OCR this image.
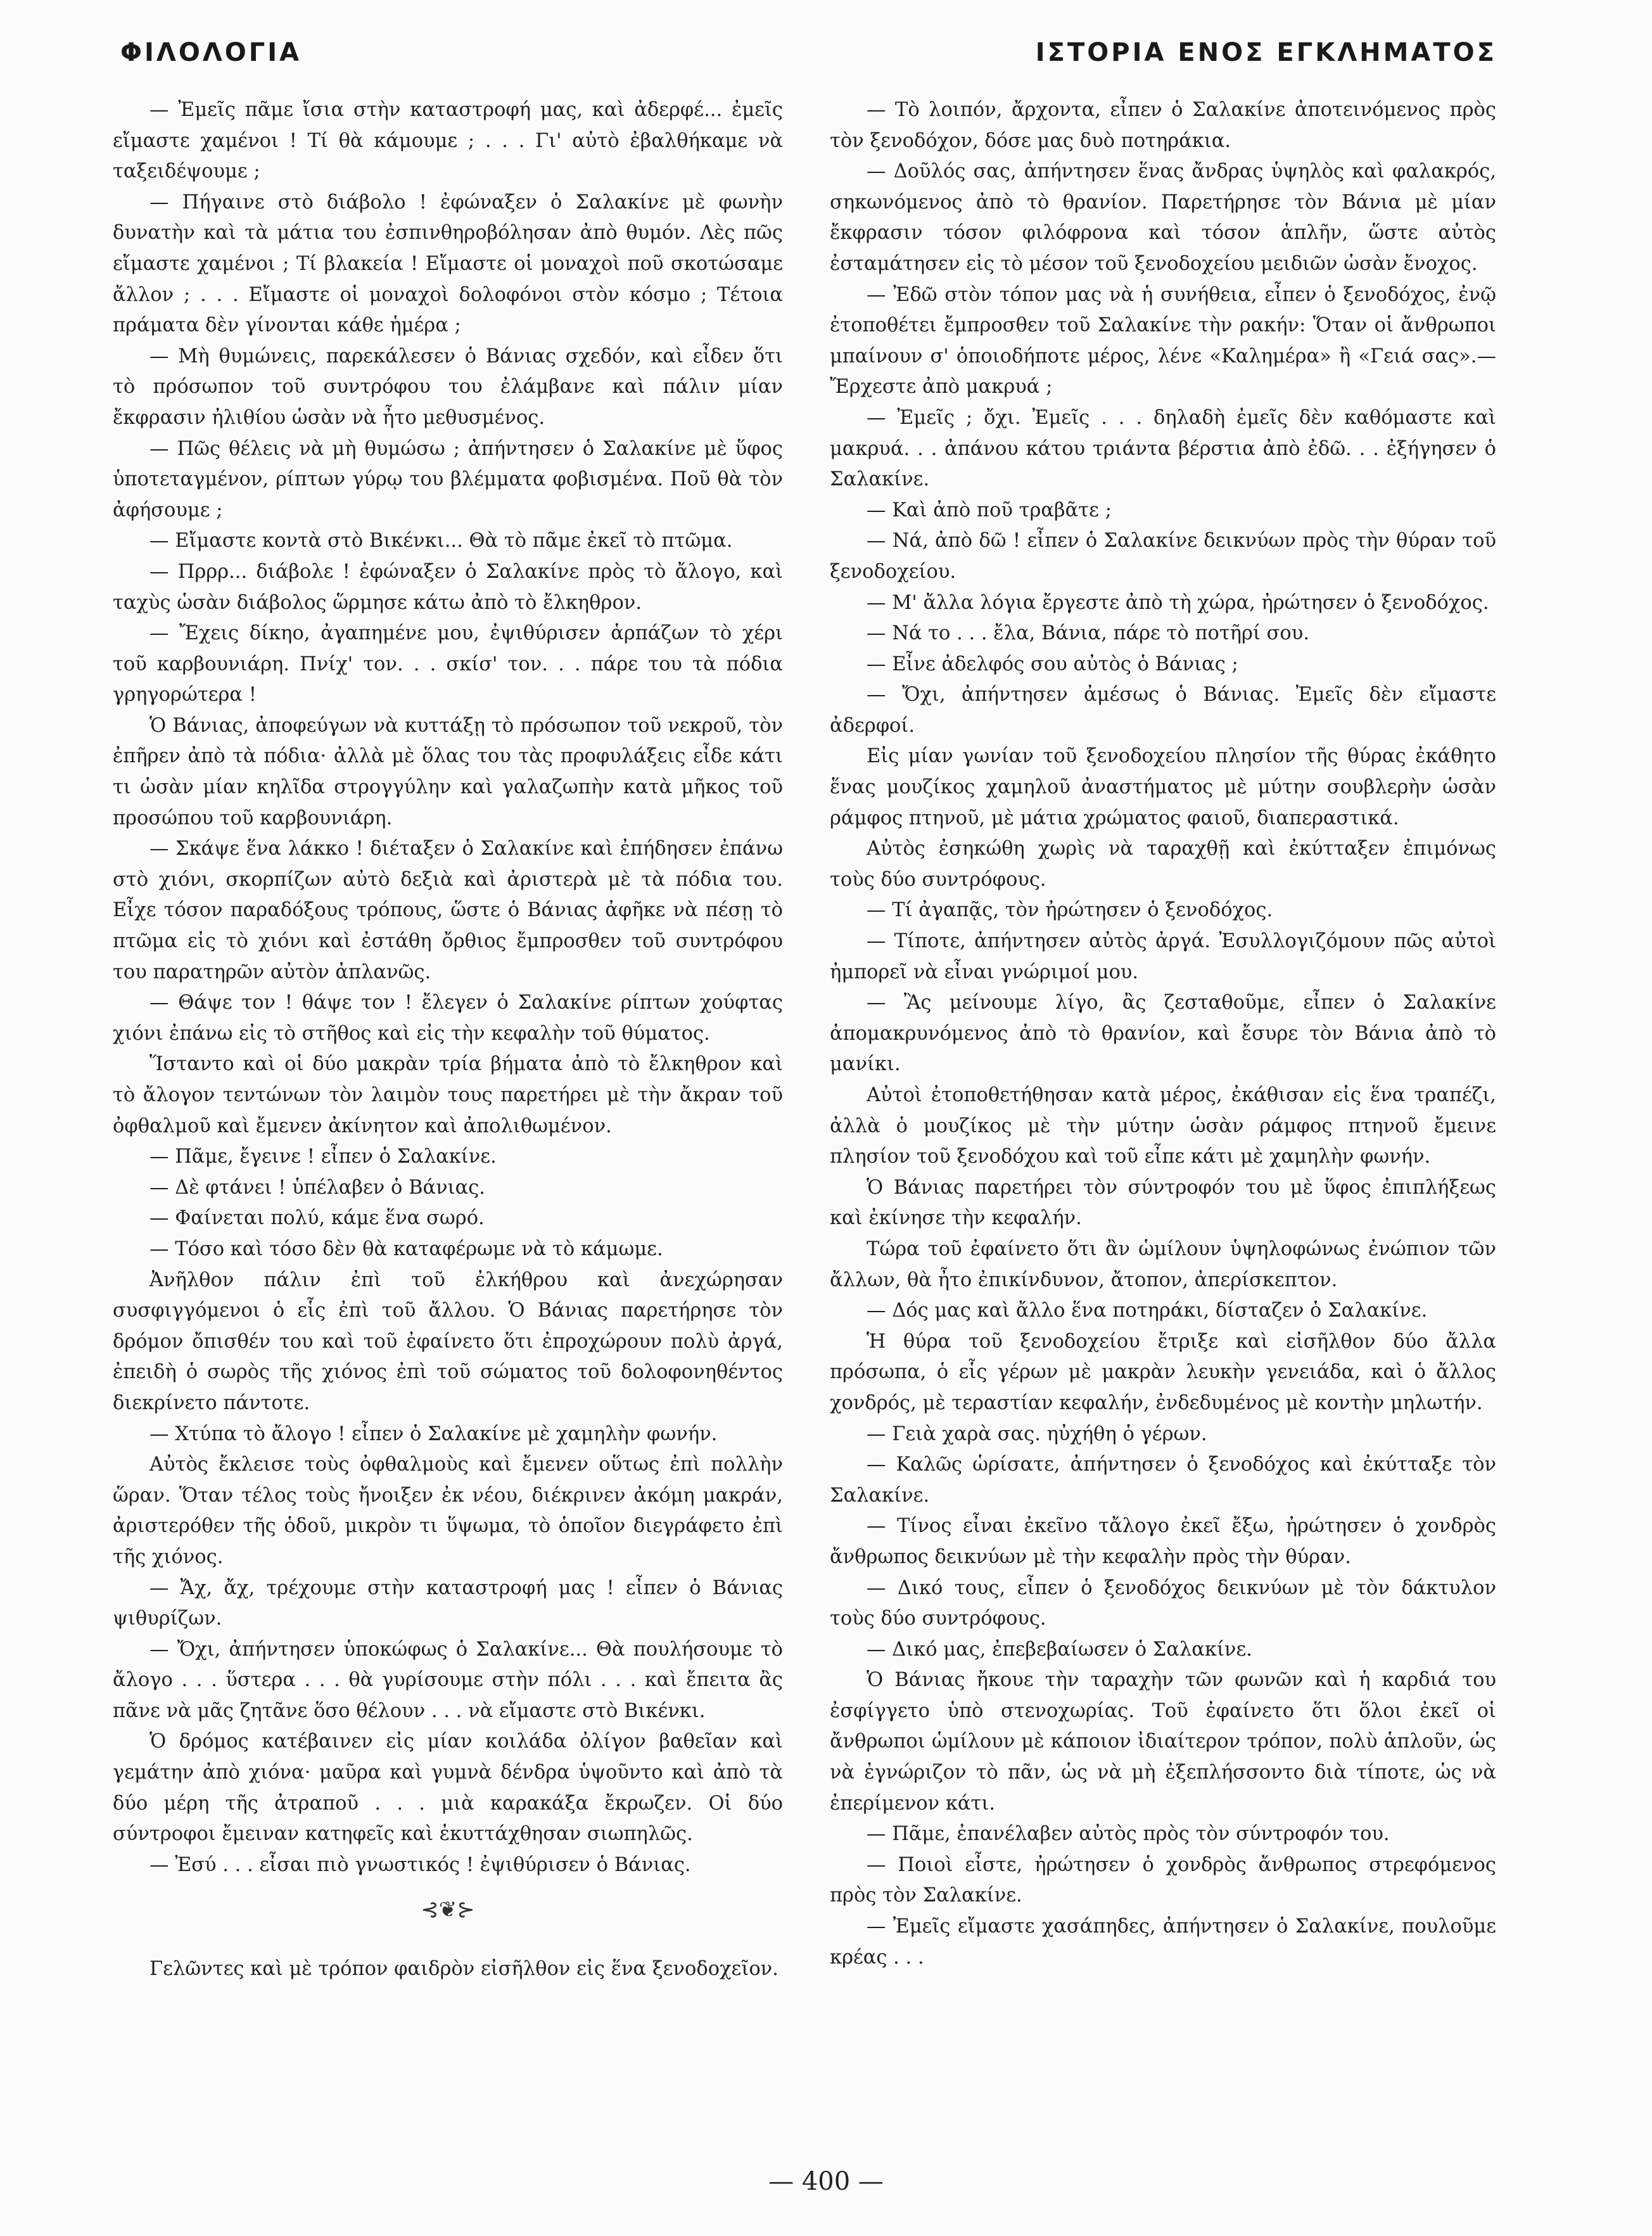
ΦΙΛΟΛΟΓΙΑ	ΙΣΤΟΡΙΑ ΕΝΟΣ ΕΓΚΛΗΜΑΤΟΣ

— Ἐμεῖς πᾶμε ἴσια στὴν καταστροφή μας, καὶ ἀδερφέ... ἐμεῖς εἴμαστε χαμένοι ! Τί θὰ κάμουμε ; . . . Γι' αὐτὸ ἐβαλθήκαμε νὰ ταξειδέψουμε ;

— Πήγαινε στὸ διάβολο ! ἐφώναξεν ὁ Σαλακίνε μὲ φωνὴν δυνατὴν καὶ τὰ μάτια του ἐσπινθηροβόλησαν ἀπὸ θυμόν. Λὲς πῶς εἴμαστε χαμένοι ; Τί βλακεία ! Εἴμαστε οἱ μοναχοὶ ποῦ σκοτώσαμε ἄλλον ; . . . Εἴμαστε οἱ μοναχοὶ δολοφόνοι στὸν κόσμο ; Τέτοια πράματα δὲν γίνονται κάθε ἡμέρα ;

— Μὴ θυμώνεις, παρεκάλεσεν ὁ Βάνιας σχεδόν, καὶ εἶδεν ὅτι τὸ πρόσωπον τοῦ συντρόφου του ἐλάμβανε καὶ πάλιν μίαν ἔκφρασιν ἠλιθίου ὡσὰν νὰ ἦτο μεθυσμένος.

— Πῶς θέλεις νὰ μὴ θυμώσω ; ἀπήντησεν ὁ Σαλακίνε μὲ ὕφος ὑποτεταγμένον, ρίπτων γύρῳ του βλέμματα φοβισμένα. Ποῦ θὰ τὸν ἀφήσουμε ;

— Εἴμαστε κοντὰ στὸ Βικένκι... Θὰ τὸ πᾶμε ἐκεῖ τὸ πτῶμα.

— Πρρρ... διάβολε ! ἐφώναξεν ὁ Σαλακίνε πρὸς τὸ ἄλογο, καὶ ταχὺς ὡσὰν διάβολος ὥρμησε κάτω ἀπὸ τὸ ἔλκηθρον.

— Ἔχεις δίκηο, ἀγαπημένε μου, ἐψιθύρισεν ἁρπάζων τὸ χέρι τοῦ καρβουνιάρη. Πνίχ' τον. . . σκίσ' τον. . . πάρε του τὰ πόδια γρηγορώτερα !

Ὁ Βάνιας, ἀποφεύγων νὰ κυττάξῃ τὸ πρόσωπον τοῦ νεκροῦ, τὸν ἐπῆρεν ἀπὸ τὰ πόδια· ἀλλὰ μὲ ὅλας του τὰς προφυλάξεις εἶδε κάτι τι ὡσὰν μίαν κηλῖδα στρογγύλην καὶ γαλαζωπὴν κατὰ μῆκος τοῦ προσώπου τοῦ καρβουνιάρη.

— Σκάψε ἕνα λάκκο ! διέταξεν ὁ Σαλακίνε καὶ ἐπήδησεν ἐπάνω στὸ χιόνι, σκορπίζων αὐτὸ δεξιὰ καὶ ἀριστερὰ μὲ τὰ πόδια του. Εἶχε τόσον παραδόξους τρόπους, ὥστε ὁ Βάνιας ἀφῆκε νὰ πέσῃ τὸ πτῶμα εἰς τὸ χιόνι καὶ ἐστάθη ὄρθιος ἔμπροσθεν τοῦ συντρόφου του παρατηρῶν αὐτὸν ἀπλανῶς.

— Θάψε τον ! θάψε τον ! ἔλεγεν ὁ Σαλακίνε ρίπτων χούφτας χιόνι ἐπάνω εἰς τὸ στῆθος καὶ εἰς τὴν κεφαλὴν τοῦ θύματος.

Ἵσταντο καὶ οἱ δύο μακρὰν τρία βήματα ἀπὸ τὸ ἔλκηθρον καὶ τὸ ἄλογον τεντώνων τὸν λαιμὸν τους παρετήρει μὲ τὴν ἄκραν τοῦ ὀφθαλμοῦ καὶ ἔμενεν ἀκίνητον καὶ ἀπολιθωμένον.

— Πᾶμε, ἔγεινε ! εἶπεν ὁ Σαλακίνε.

— Δὲ φτάνει ! ὑπέλαβεν ὁ Βάνιας.

— Φαίνεται πολύ, κάμε ἕνα σωρό.

— Τόσο καὶ τόσο δὲν θὰ καταφέρωμε νὰ τὸ κάμωμε.

Ἀνῆλθον πάλιν ἐπὶ τοῦ ἐλκήθρου καὶ ἀνεχώρησαν συσφιγγόμενοι ὁ εἷς ἐπὶ τοῦ ἄλλου. Ὁ Βάνιας παρετήρησε τὸν δρόμον ὄπισθέν του καὶ τοῦ ἐφαίνετο ὅτι ἐπροχώρουν πολὺ ἀργά, ἐπειδὴ ὁ σωρὸς τῆς χιόνος ἐπὶ τοῦ σώματος τοῦ δολοφονηθέντος διεκρίνετο πάντοτε.

— Χτύπα τὸ ἄλογο ! εἶπεν ὁ Σαλακίνε μὲ χαμηλὴν φωνήν.

Αὐτὸς ἔκλεισε τοὺς ὀφθαλμοὺς καὶ ἔμενεν οὕτως ἐπὶ πολλὴν ὥραν. Ὅταν τέλος τοὺς ἤνοιξεν ἐκ νέου, διέκρινεν ἀκόμη μακράν, ἀριστερόθεν τῆς ὁδοῦ, μικρὸν τι ὕψωμα, τὸ ὁποῖον διεγράφετο ἐπὶ τῆς χιόνος.

— Ἄχ, ἄχ, τρέχουμε στὴν καταστροφή μας ! εἶπεν ὁ Βάνιας ψιθυρίζων.

— Ὄχι, ἀπήντησεν ὑποκώφως ὁ Σαλακίνε... Θὰ πουλήσουμε τὸ ἄλογο . . . ὕστερα . . . θὰ γυρίσουμε στὴν πόλι . . . καὶ ἔπειτα ἂς πᾶνε νὰ μᾶς ζητᾶνε ὅσο θέλουν . . . νὰ εἴμαστε στὸ Βικένκι.

Ὁ δρόμος κατέβαινεν εἰς μίαν κοιλάδα ὀλίγον βαθεῖαν καὶ γεμάτην ἀπὸ χιόνα· μαῦρα καὶ γυμνὰ δένδρα ὑψοῦντο καὶ ἀπὸ τὰ δύο μέρη τῆς ἀτραποῦ . . . μιὰ καρακάξα ἔκρωζεν. Οἱ δύο σύντροφοι ἔμειναν κατηφεῖς καὶ ἐκυττάχθησαν σιωπηλῶς.

— Ἐσύ . . . εἶσαι πιὸ γνωστικός ! ἐψιθύρισεν ὁ Βάνιας.

⊰❦⊱

Γελῶντες καὶ μὲ τρόπον φαιδρὸν εἰσῆλθον εἰς ἕνα ξενοδοχεῖον.

— Τὸ λοιπόν, ἄρχοντα, εἶπεν ὁ Σαλακίνε ἀποτεινόμενος πρὸς τὸν ξενοδόχον, δόσε μας δυὸ ποτηράκια.

— Δοῦλός σας, ἀπήντησεν ἕνας ἄνδρας ὑψηλὸς καὶ φαλακρός, σηκωνόμενος ἀπὸ τὸ θρανίον. Παρετήρησε τὸν Βάνια μὲ μίαν ἔκφρασιν τόσον φιλόφρονα καὶ τόσον ἁπλῆν, ὥστε αὐτὸς ἐσταμάτησεν εἰς τὸ μέσον τοῦ ξενοδοχείου μειδιῶν ὡσὰν ἔνοχος.

— Ἐδῶ στὸν τόπον μας νὰ ἡ συνήθεια, εἶπεν ὁ ξενοδόχος, ἐνῷ ἐτοποθέτει ἔμπροσθεν τοῦ Σαλακίνε τὴν ρακήν: Ὅταν οἱ ἄνθρωποι μπαίνουν σ' ὁποιοδήποτε μέρος, λένε «Καλημέρα» ἢ «Γειά σας».— Ἔρχεστε ἀπὸ μακρυά ;

— Ἐμεῖς ; ὄχι. Ἐμεῖς . . . δηλαδὴ ἐμεῖς δὲν καθόμαστε καὶ μακρυά. . . ἀπάνου κάτου τριάντα βέρστια ἀπὸ ἐδῶ. . . ἐξήγησεν ὁ Σαλακίνε.

— Καὶ ἀπὸ ποῦ τραβᾶτε ;

— Νά, ἀπὸ δῶ ! εἶπεν ὁ Σαλακίνε δεικνύων πρὸς τὴν θύραν τοῦ ξενοδοχείου.

— Μ' ἄλλα λόγια ἔργεστε ἀπὸ τὴ χώρα, ἠρώτησεν ὁ ξενοδόχος.

— Νά το . . . ἔλα, Βάνια, πάρε τὸ ποτῆρί σου.

— Εἶνε ἀδελφός σου αὐτὸς ὁ Βάνιας ;

— Ὄχι, ἀπήντησεν ἀμέσως ὁ Βάνιας. Ἐμεῖς δὲν εἴμαστε ἀδερφοί.

Εἰς μίαν γωνίαν τοῦ ξενοδοχείου πλησίον τῆς θύρας ἐκάθητο ἕνας μουζίκος χαμηλοῦ ἀναστήματος μὲ μύτην σουβλερὴν ὡσὰν ράμφος πτηνοῦ, μὲ μάτια χρώματος φαιοῦ, διαπεραστικά.

Αὐτὸς ἐσηκώθη χωρὶς νὰ ταραχθῇ καὶ ἐκύτταξεν ἐπιμόνως τοὺς δύο συντρόφους.

— Τί ἀγαπᾷς, τὸν ἠρώτησεν ὁ ξενοδόχος.

— Τίποτε, ἀπήντησεν αὐτὸς ἀργά. Ἐσυλλογιζόμουν πῶς αὐτοὶ ἠμπορεῖ νὰ εἶναι γνώριμοί μου.

— Ἂς μείνουμε λίγο, ἂς ζεσταθοῦμε, εἶπεν ὁ Σαλακίνε ἀπομακρυνόμενος ἀπὸ τὸ θρανίον, καὶ ἔσυρε τὸν Βάνια ἀπὸ τὸ μανίκι.

Αὐτοὶ ἐτοποθετήθησαν κατὰ μέρος, ἐκάθισαν εἰς ἕνα τραπέζι, ἀλλὰ ὁ μουζίκος μὲ τὴν μύτην ὡσὰν ράμφος πτηνοῦ ἔμεινε πλησίον τοῦ ξενοδόχου καὶ τοῦ εἶπε κάτι μὲ χαμηλὴν φωνήν.

Ὁ Βάνιας παρετήρει τὸν σύντροφόν του μὲ ὕφος ἐπιπλήξεως καὶ ἐκίνησε τὴν κεφαλήν.

Τώρα τοῦ ἐφαίνετο ὅτι ἂν ὡμίλουν ὑψηλοφώνως ἐνώπιον τῶν ἄλλων, θὰ ἦτο ἐπικίνδυνον, ἄτοπον, ἀπερίσκεπτον.

— Δός μας καὶ ἄλλο ἕνα ποτηράκι, δίσταζεν ὁ Σαλακίνε.

Ἡ θύρα τοῦ ξενοδοχείου ἔτριξε καὶ εἰσῆλθον δύο ἄλλα πρόσωπα, ὁ εἷς γέρων μὲ μακρὰν λευκὴν γενειάδα, καὶ ὁ ἄλλος χονδρός, μὲ τεραστίαν κεφαλήν, ἐνδεδυμένος μὲ κοντὴν μηλωτήν.

— Γειὰ χαρὰ σας. ηὐχήθη ὁ γέρων.

— Καλῶς ὡρίσατε, ἀπήντησεν ὁ ξενοδόχος καὶ ἐκύτταξε τὸν Σαλακίνε.

— Τίνος εἶναι ἐκεῖνο τἄλογο ἐκεῖ ἔξω, ἠρώτησεν ὁ χονδρὸς ἄνθρωπος δεικνύων μὲ τὴν κεφαλὴν πρὸς τὴν θύραν.

— Δικό τους, εἶπεν ὁ ξενοδόχος δεικνύων μὲ τὸν δάκτυλον τοὺς δύο συντρόφους.

— Δικό μας, ἐπεβεβαίωσεν ὁ Σαλακίνε.

Ὁ Βάνιας ἤκουε τὴν ταραχὴν τῶν φωνῶν καὶ ἡ καρδιά του ἐσφίγγετο ὑπὸ στενοχωρίας. Τοῦ ἐφαίνετο ὅτι ὅλοι ἐκεῖ οἱ ἄνθρωποι ὡμίλουν μὲ κάποιον ἰδιαίτερον τρόπον, πολὺ ἁπλοῦν, ὡς νὰ ἐγνώριζον τὸ πᾶν, ὡς νὰ μὴ ἐξεπλήσσοντο διὰ τίποτε, ὡς νὰ ἐπερίμενον κάτι.

— Πᾶμε, ἐπανέλαβεν αὐτὸς πρὸς τὸν σύντροφόν του.

— Ποιοὶ εἶστε, ἠρώτησεν ὁ χονδρὸς ἄνθρωπος στρεφόμενος πρὸς τὸν Σαλακίνε.

— Ἐμεῖς εἴμαστε χασάπηδες, ἀπήντησεν ὁ Σαλακίνε, πουλοῦμε κρέας . . .

— 400 —
